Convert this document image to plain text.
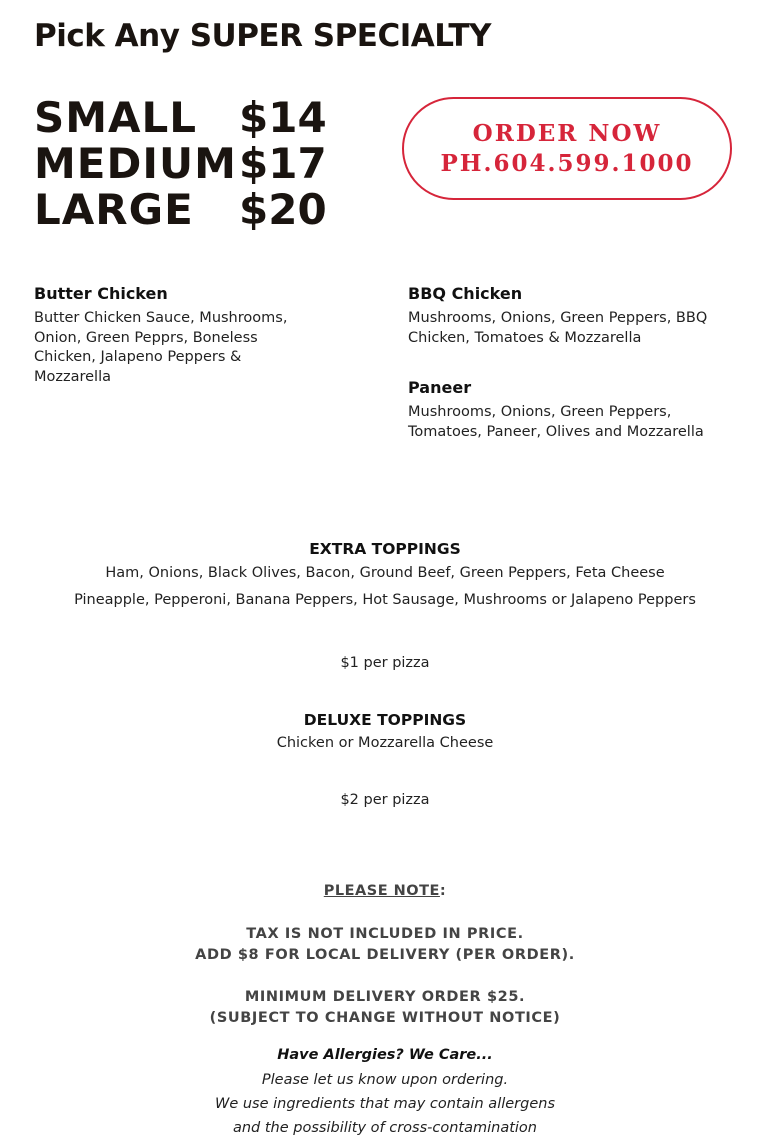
Pick Any SUPER SPECIALTY
SMALL $14
MEDIUM $17
LARGE	$20
ORDER NOW
PH.604.599.1000
Butter Chicken
Butter Chicken Sauce, Mushrooms, Onion, Green Pepprs, Boneless Chicken, Jalapeno Peppers & Mozzarella
BBQ Chicken
Mushrooms, Onions, Green Peppers, BBQ Chicken, Tomatoes & Mozzarella
Paneer
Mushrooms, Onions, Green Peppers, Tomatoes, Paneer, Olives and Mozzarella
EXTRA TOPPINGS
Ham, Onions, Black Olives, Bacon, Ground Beef, Green Peppers, Feta Cheese
Pineapple, Pepperoni, Banana Peppers, Hot Sausage, Mushrooms or Jalapeno Peppers
$1 per pizza
DELUXE TOPPINGS
Chicken or Mozzarella Cheese
$2 per pizza
PLEASE NOTE:
TAX IS NOT INCLUDED IN PRICE.
ADD $8 FOR LOCAL DELIVERY (PER ORDER).
MINIMUM DELIVERY ORDER $25.
(SUBJECT TO CHANGE WITHOUT NOTICE)
Have Allergies? We Care...
Please let us know upon ordering.
We use ingredients that may contain allergens
and the possibility of cross-contamination
